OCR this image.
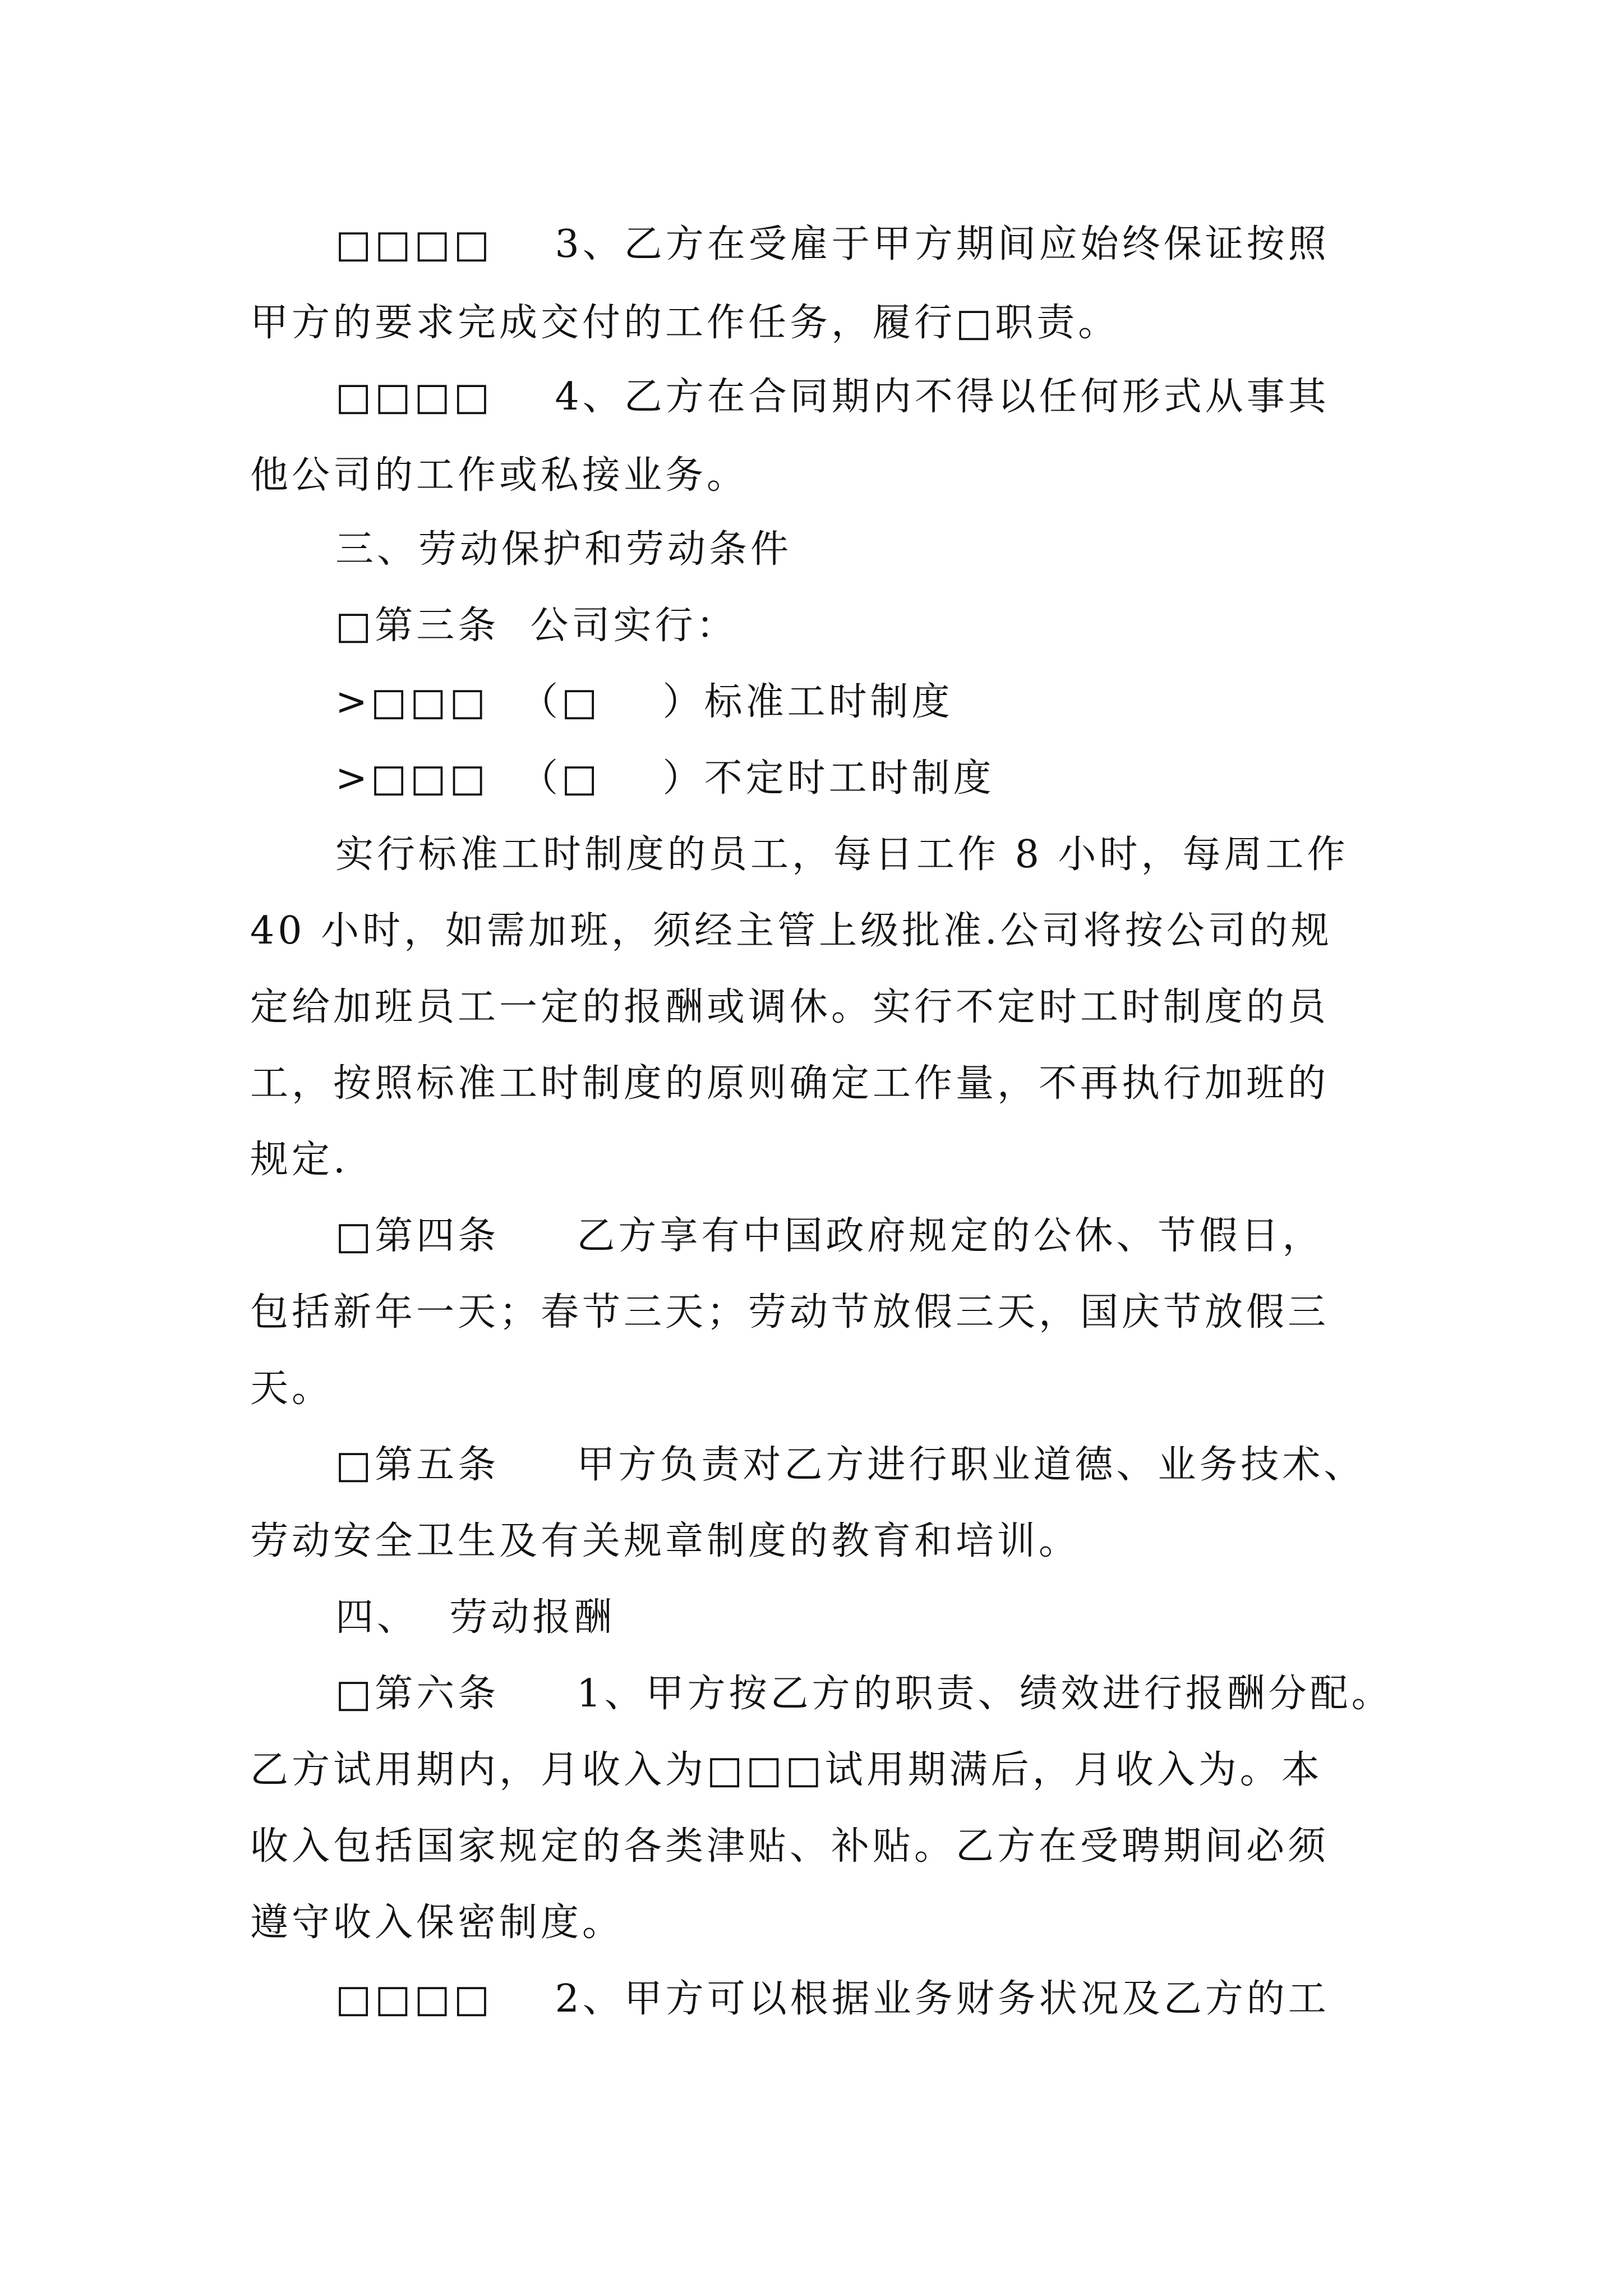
□□□□    3、乙方在受雇于甲方期间应始终保证按照
甲方的要求完成交付的工作任务，履行□职责。
□□□□    4、乙方在合同期内不得以任何形式从事其
他公司的工作或私接业务。
三、劳动保护和劳动条件
□第三条  公司实行：
>□□□  （□    ）标准工时制度
>□□□  （□    ）不定时工时制度
实行标准工时制度的员工，每日工作 8 小时，每周工作
40 小时，如需加班，须经主管上级批准.公司将按公司的规
定给加班员工一定的报酬或调休。实行不定时工时制度的员
工，按照标准工时制度的原则确定工作量，不再执行加班的
规定.
□第四条     乙方享有中国政府规定的公休、节假日，
包括新年一天；春节三天；劳动节放假三天，国庆节放假三
天。
□第五条     甲方负责对乙方进行职业道德、业务技术、
劳动安全卫生及有关规章制度的教育和培训。
四、  劳动报酬
□第六条     1、甲方按乙方的职责、绩效进行报酬分配。
乙方试用期内，月收入为□□□试用期满后，月收入为。本
收入包括国家规定的各类津贴、补贴。乙方在受聘期间必须
遵守收入保密制度。
□□□□    2、甲方可以根据业务财务状况及乙方的工
